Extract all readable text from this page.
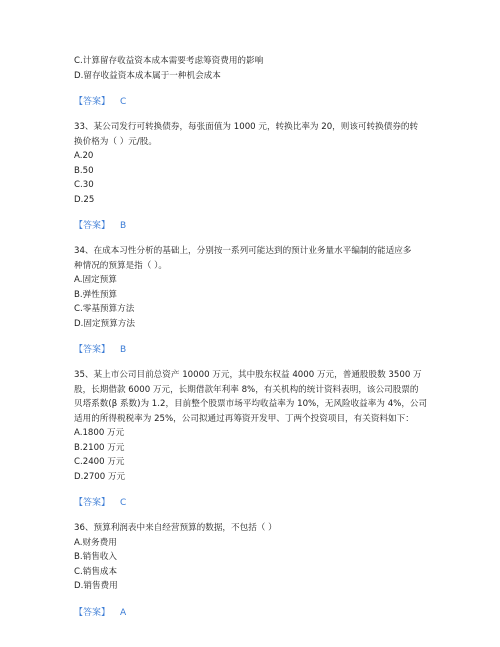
C.计算留存收益资本成本需要考虑筹资费用的影响
D.留存收益资本成本属于一种机会成本
【答案】 C
33、某公司发行可转换债券，每张面值为 1000 元，转换比率为 20，则该可转换债券的转
换价格为（ ）元/股。
A.20
B.50
C.30
D.25
【答案】 B
34、在成本习性分析的基础上，分别按一系列可能达到的预计业务量水平编制的能适应多
种情况的预算是指（ ）。
A.固定预算
B.弹性预算
C.零基预算方法
D.固定预算方法
【答案】 B
35、某上市公司目前总资产 10000 万元，其中股东权益 4000 万元，普通股股数 3500 万
股，长期借款 6000 万元，长期借款年利率 8%，有关机构的统计资料表明，该公司股票的
贝塔系数(β 系数)为 1.2，目前整个股票市场平均收益率为 10%，无风险收益率为 4%，公司
适用的所得税税率为 25%，公司拟通过再筹资开发甲、丁两个投资项目，有关资料如下：
A.1800 万元
B.2100 万元
C.2400 万元
D.2700 万元
【答案】 C
36、预算利润表中来自经营预算的数据，不包括（ ）
A.财务费用
B.销售收入
C.销售成本
D.销售费用
【答案】 A
